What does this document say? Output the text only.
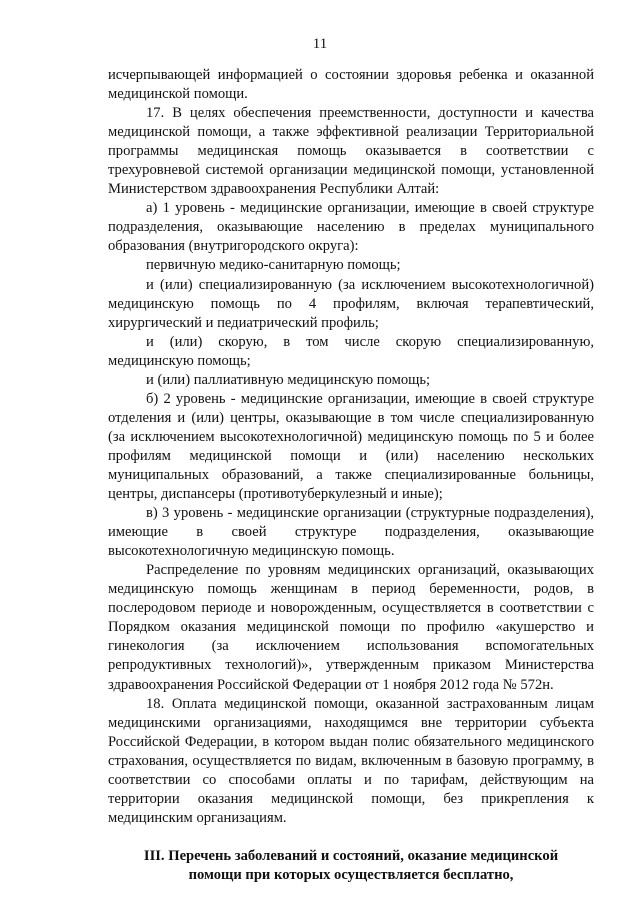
11

исчерпывающей информацией о состоянии здоровья ребенка и оказанной медицинской помощи.

17. В целях обеспечения преемственности, доступности и качества медицинской помощи, а также эффективной реализации Территориальной программы медицинская помощь оказывается в соответствии с трехуровневой системой организации медицинской помощи, установленной Министерством здравоохранения Республики Алтай:

а) 1 уровень - медицинские организации, имеющие в своей структуре подразделения, оказывающие населению в пределах муниципального образования (внутригородского округа):

первичную медико-санитарную помощь;

и (или) специализированную (за исключением высокотехнологичной) медицинскую помощь по 4 профилям, включая терапевтический, хирургический и педиатрический профиль;

и (или) скорую, в том числе скорую специализированную, медицинскую помощь;

и (или) паллиативную медицинскую помощь;

б) 2 уровень - медицинские организации, имеющие в своей структуре отделения и (или) центры, оказывающие в том числе специализированную (за исключением высокотехнологичной) медицинскую помощь по 5 и более профилям медицинской помощи и (или) населению нескольких муниципальных образований, а также специализированные больницы, центры, диспансеры (противотуберкулезный и иные);

в) 3 уровень - медицинские организации (структурные подразделения), имеющие в своей структуре подразделения, оказывающие высокотехнологичную медицинскую помощь.

Распределение по уровням медицинских организаций, оказывающих медицинскую помощь женщинам в период беременности, родов, в послеродовом периоде и новорожденным, осуществляется в соответствии с Порядком оказания медицинской помощи по профилю «акушерство и гинекология (за исключением использования вспомогательных репродуктивных технологий)», утвержденным приказом Министерства здравоохранения Российской Федерации от 1 ноября 2012 года № 572н.

18. Оплата медицинской помощи, оказанной застрахованным лицам медицинскими организациями, находящимся вне территории субъекта Российской Федерации, в котором выдан полис обязательного медицинского страхования, осуществляется по видам, включенным в базовую программу, в соответствии со способами оплаты и по тарифам, действующим на территории оказания медицинской помощи, без прикрепления к медицинским организациям.

III. Перечень заболеваний и состояний, оказание медицинской
помощи при которых осуществляется бесплатно,
